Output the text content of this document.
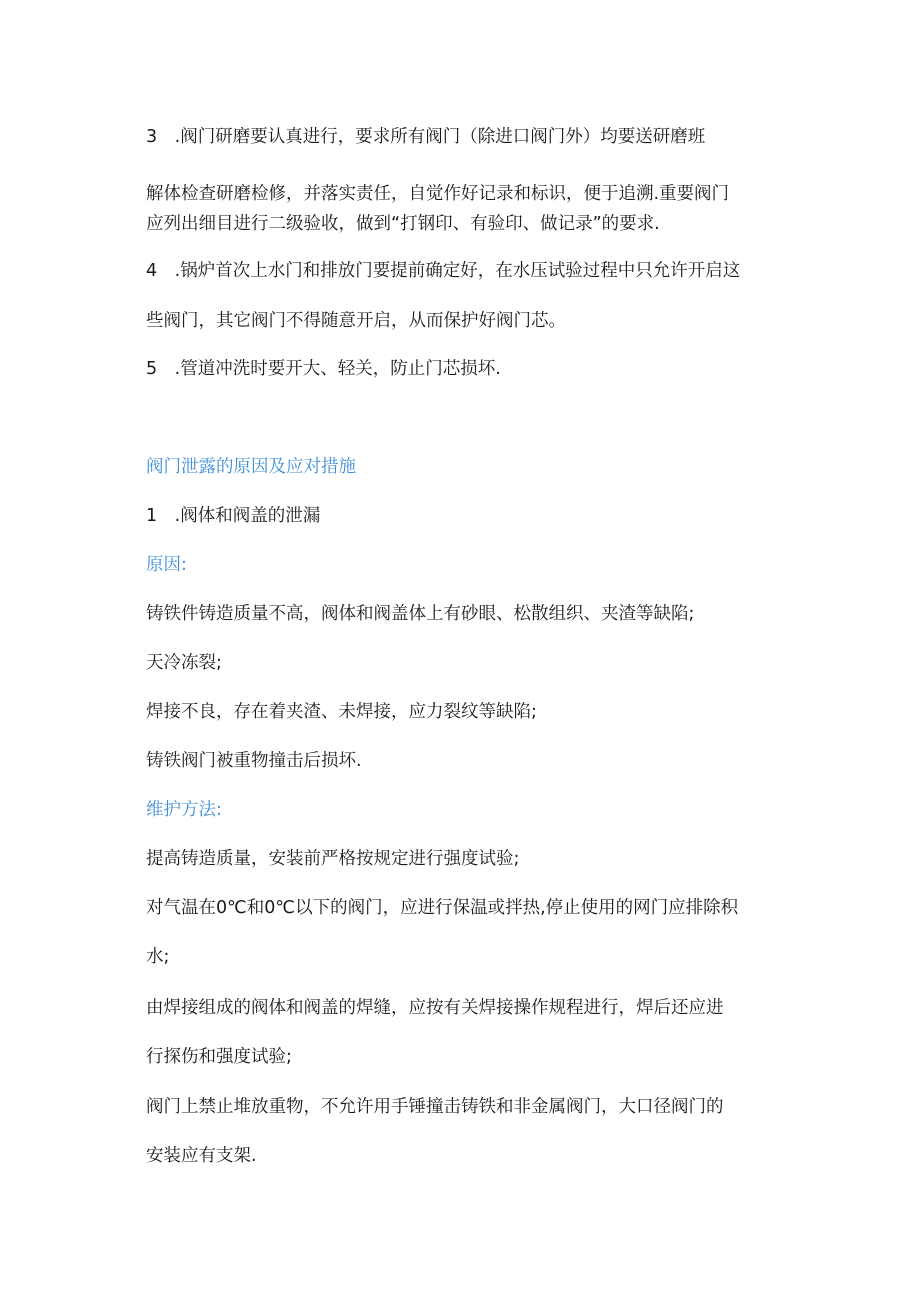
3　.阀门研磨要认真进行，要求所有阀门（除进口阀门外）均要送研磨班

解体检查研磨检修，并落实责任，自觉作好记录和标识，便于追溯.重要阀门

应列出细目进行二级验收，做到“打钢印、有验印、做记录”的要求.

4　.锅炉首次上水门和排放门要提前确定好，在水压试验过程中只允许开启这

些阀门，其它阀门不得随意开启，从而保护好阀门芯。

5　.管道冲洗时要开大、轻关，防止门芯损坏.

阀门泄露的原因及应对措施

1　.阀体和阀盖的泄漏

原因:

铸铁件铸造质量不高，阀体和阀盖体上有砂眼、松散组织、夹渣等缺陷;

天冷冻裂;

焊接不良，存在着夹渣、未焊接，应力裂纹等缺陷;

铸铁阀门被重物撞击后损坏.

维护方法:

提高铸造质量，安装前严格按规定进行强度试验;

对气温在0℃和0℃以下的阀门，应进行保温或拌热,停止使用的网门应排除积

水;

由焊接组成的阀体和阀盖的焊缝，应按有关焊接操作规程进行，焊后还应进

行探伤和强度试验;

阀门上禁止堆放重物，不允许用手锤撞击铸铁和非金属阀门，大口径阀门的

安装应有支架.
